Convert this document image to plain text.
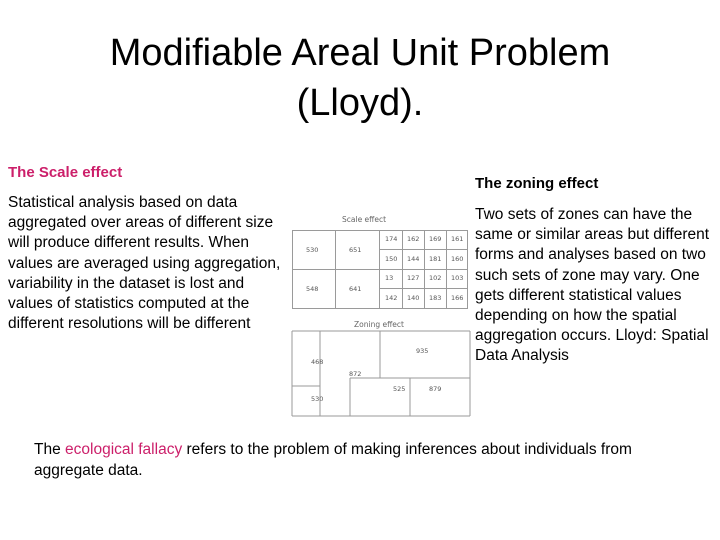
Modifiable Areal Unit Problem
(Lloyd).
The Scale effect
Statistical analysis based on data aggregated over areas of different size will produce different results. When values are averaged using aggregation, variability in the dataset is lost and values of statistics computed at the different resolutions will be different
The zoning effect
Two sets of zones can have the same or similar areas but different forms and analyses based on two such sets of zone may vary. One gets different statistical values depending on how the spatial aggregation occurs. Lloyd: Spatial Data Analysis
Scale effect
530	651
548	641
174 162 169 161
150 144 181 160
13 127 102 103
142 140 183 166
Zoning effect
935
468
872
525	879
530
The ecological fallacy refers to the problem of making inferences about individuals from aggregate data.
